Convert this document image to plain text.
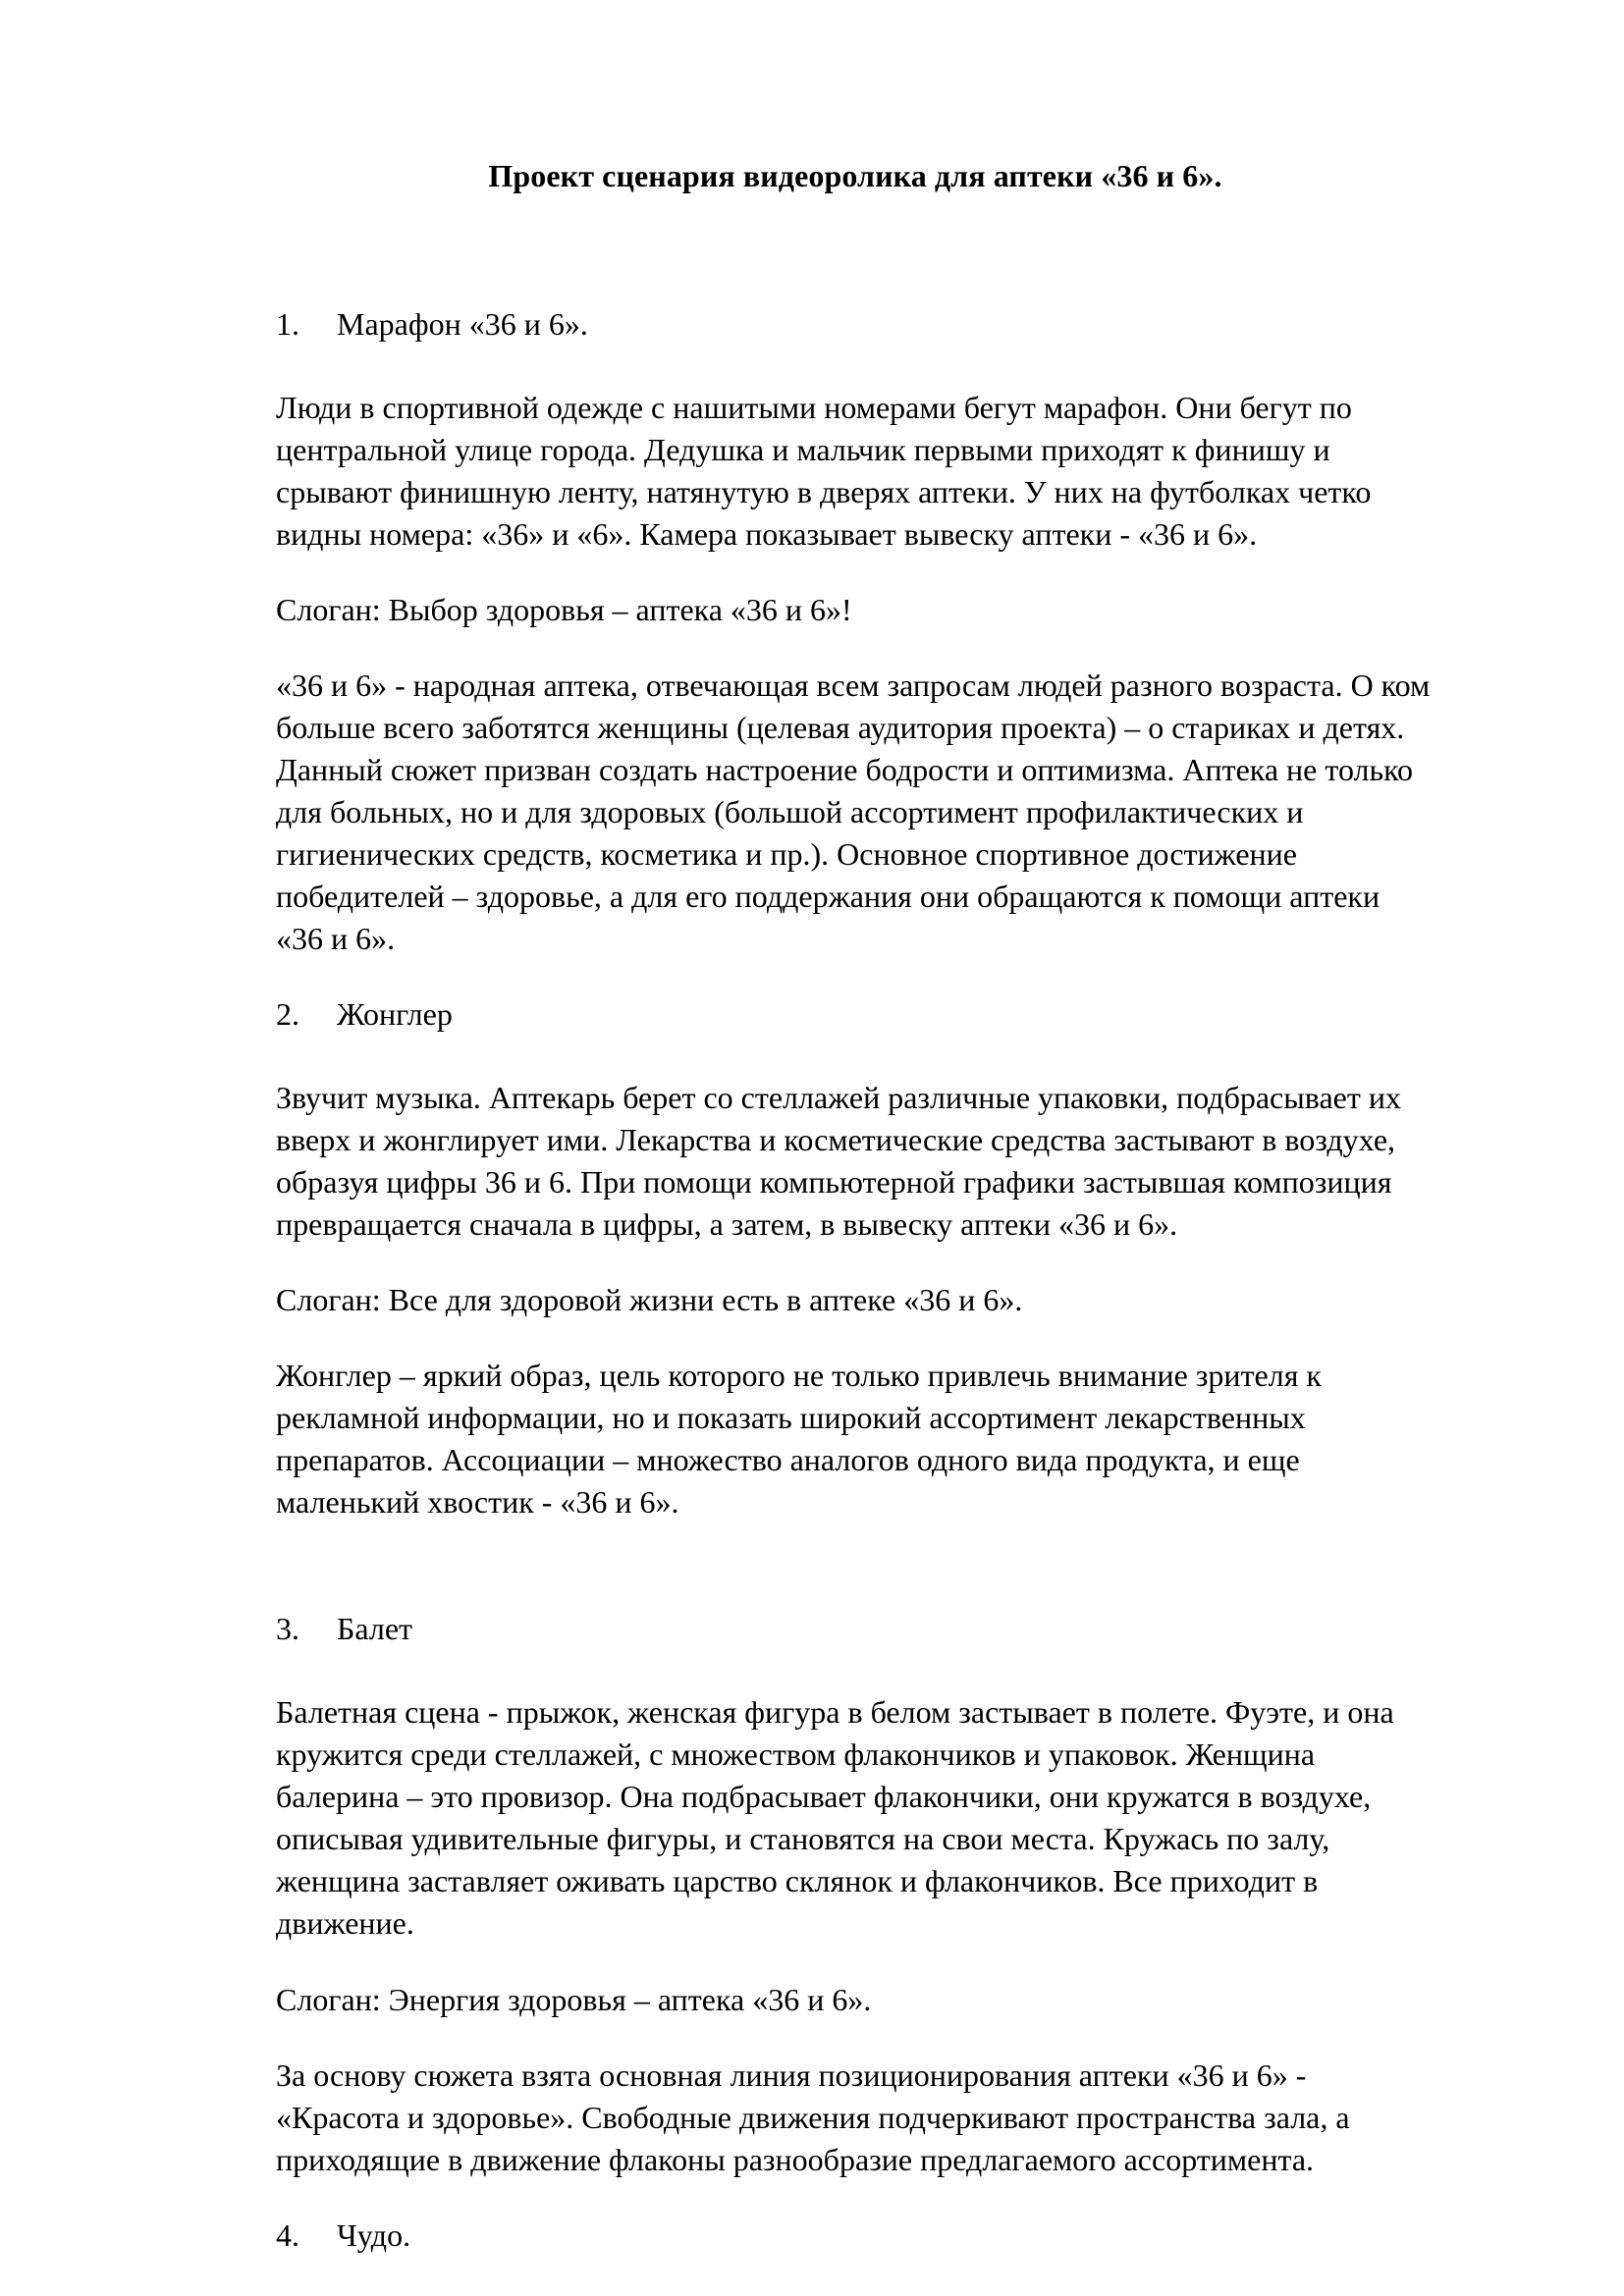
Проект сценария видеоролика для аптеки «36 и 6».
1.	Марафон «36 и 6».

Люди в спортивной одежде с нашитыми номерами бегут марафон. Они бегут по центральной улице города. Дедушка и мальчик первыми приходят к финишу и срывают финишную ленту, натянутую в дверях аптеки. У них на футболках четко видны номера: «36» и «6». Камера показывает вывеску аптеки - «36 и 6».

Слоган: Выбор здоровья – аптека «36 и 6»!

«36 и 6» - народная аптека, отвечающая всем запросам людей разного возраста. О ком больше всего заботятся женщины (целевая аудитория проекта) – о стариках и детях. Данный сюжет призван создать настроение бодрости и оптимизма. Аптека не только для больных, но и для здоровых (большой ассортимент профилактических и гигиенических средств, косметика и пр.). Основное спортивное достижение победителей – здоровье, а для его поддержания они обращаются к помощи аптеки «36 и 6».

2.	Жонглер

Звучит музыка. Аптекарь берет со стеллажей различные упаковки, подбрасывает их вверх и жонглирует ими. Лекарства и косметические средства застывают в воздухе, образуя цифры 36 и 6. При помощи компьютерной графики застывшая композиция превращается сначала в цифры, а затем, в вывеску аптеки «36 и 6».

Слоган: Все для здоровой жизни есть в аптеке «36 и 6».

Жонглер – яркий образ, цель которого не только привлечь внимание зрителя к рекламной информации, но и показать широкий ассортимент лекарственных препаратов. Ассоциации – множество аналогов одного вида продукта, и еще маленький хвостик - «36 и 6».

3.	Балет

Балетная сцена - прыжок, женская фигура в белом застывает в полете. Фуэте, и она кружится среди стеллажей, с множеством флакончиков и упаковок. Женщина балерина – это провизор. Она подбрасывает флакончики, они кружатся в воздухе, описывая удивительные фигуры, и становятся на свои места. Кружась по залу, женщина заставляет оживать царство склянок и флакончиков. Все приходит в движение.

Слоган: Энергия здоровья – аптека «36 и 6».

За основу сюжета взята основная линия позиционирования аптеки «36 и 6» - «Красота и здоровье». Свободные движения подчеркивают пространства зала, а приходящие в движение флаконы разнообразие предлагаемого ассортимента.

4.	Чудо.
